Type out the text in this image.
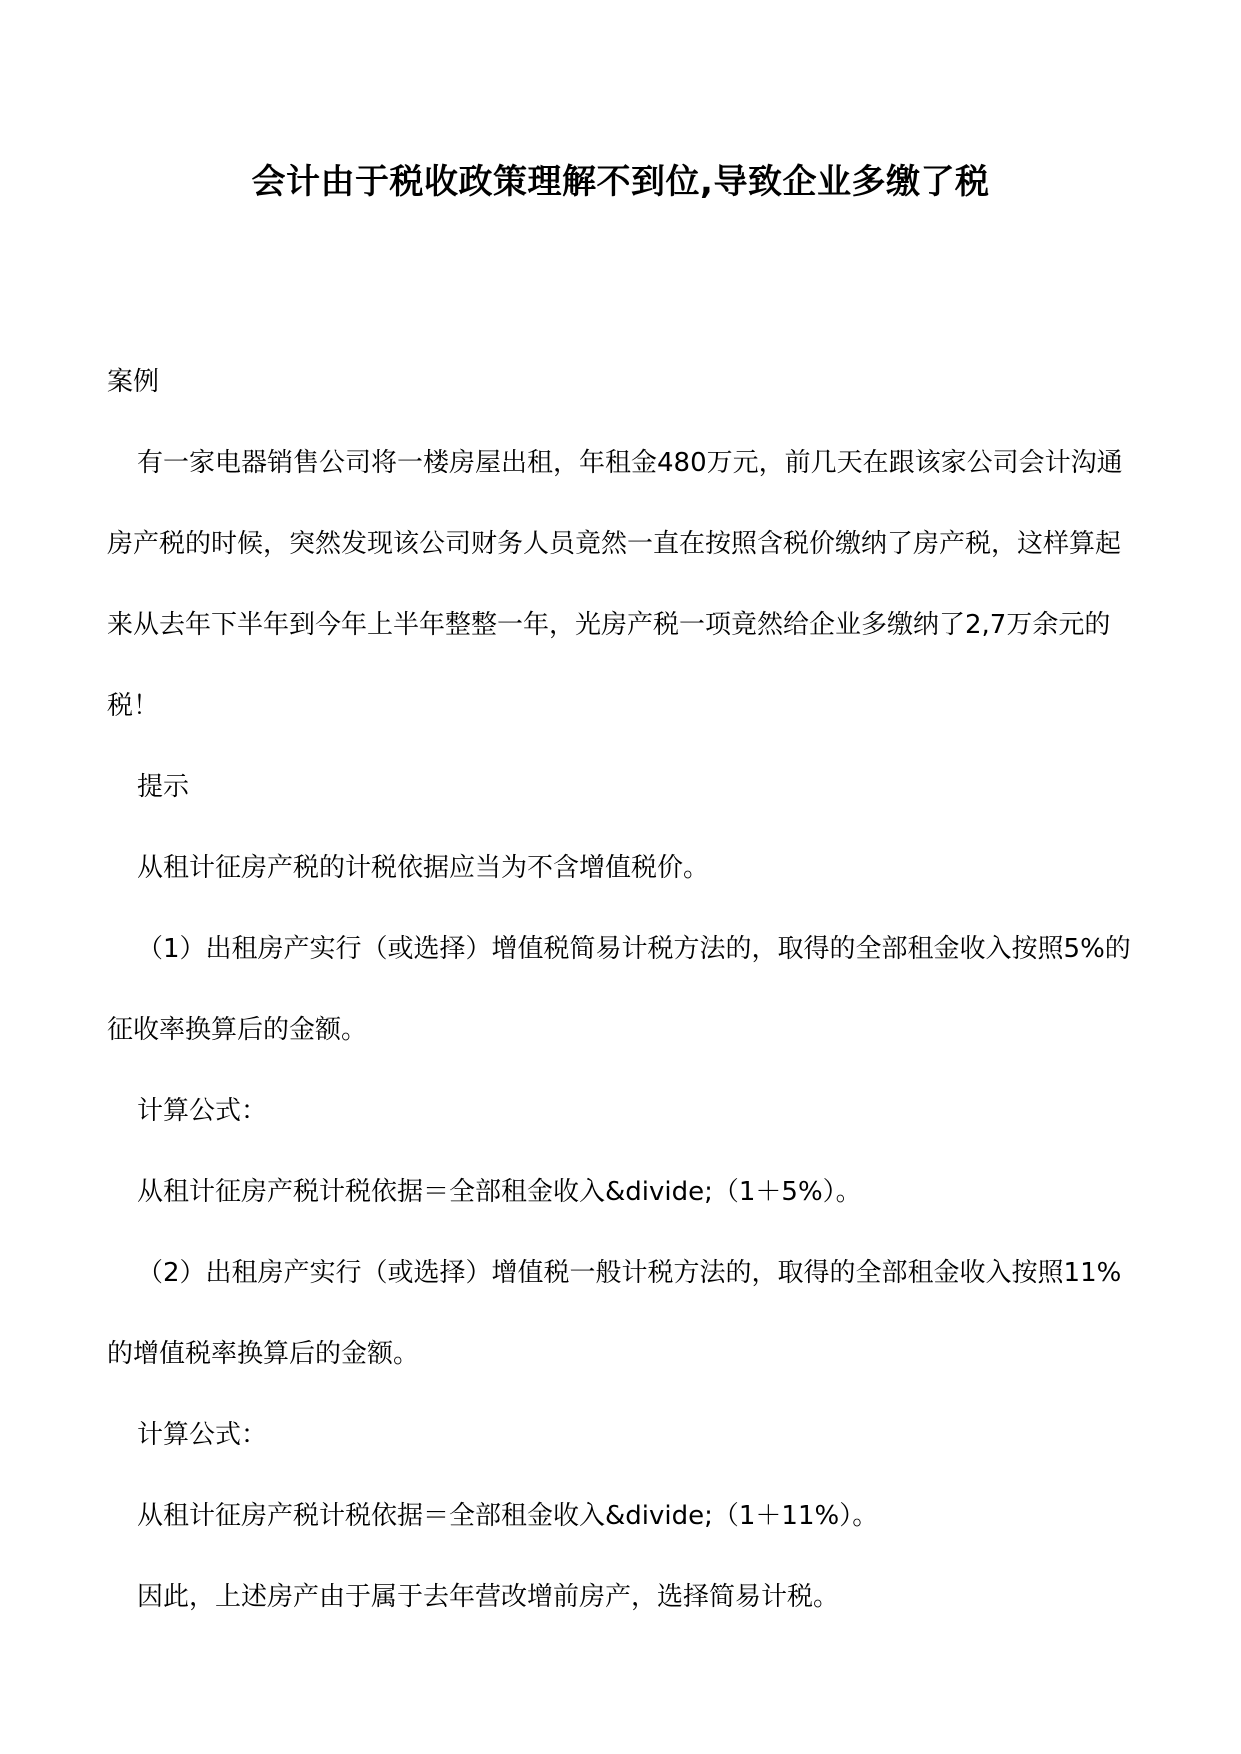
会计由于税收政策理解不到位,导致企业多缴了税

案例

有一家电器销售公司将一楼房屋出租，年租金480万元，前几天在跟该家公司会计沟通房产税的时候，突然发现该公司财务人员竟然一直在按照含税价缴纳了房产税，这样算起来从去年下半年到今年上半年整整一年，光房产税一项竟然给企业多缴纳了2,7万余元的税！

提示

从租计征房产税的计税依据应当为不含增值税价。

（1）出租房产实行（或选择）增值税简易计税方法的，取得的全部租金收入按照5%的征收率换算后的金额。

计算公式：

从租计征房产税计税依据＝全部租金收入&divide;（1＋5%）。

（2）出租房产实行（或选择）增值税一般计税方法的，取得的全部租金收入按照11%的增值税率换算后的金额。

计算公式：

从租计征房产税计税依据＝全部租金收入&divide;（1＋11%）。

因此，上述房产由于属于去年营改增前房产，选择简易计税。
